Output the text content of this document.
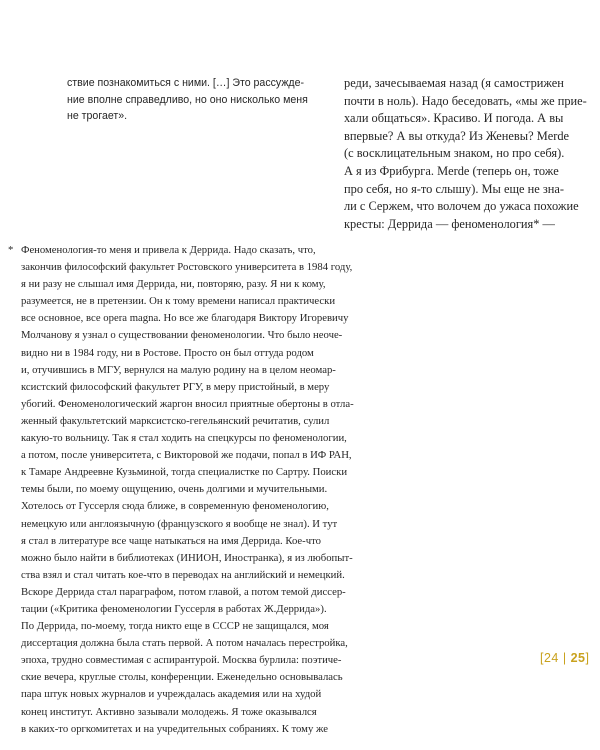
ствие познакомиться с ними. […] Это рассужде-
ние вполне справедливо, но оно нисколько меня
не трогает».
реди, зачесываемая назад (я самострижен
почти в ноль). Надо беседовать, «мы же прие-
хали общаться». Красиво. И погода. А вы
впервые? А вы откуда? Из Женевы? Merde
(с восклицательным знаком, но про себя).
А я из Фрибурга. Merde (теперь он, тоже
про себя, но я-то слышу). Мы еще не зна-
ли с Сержем, что волочем до ужаса похожие
кресты: Деррида — феноменология* —
* Феноменология-то меня и привела к Деррида. Надо сказать, что,
закончив философский факультет Ростовского университета в 1984 году,
я ни разу не слышал имя Деррида, ни, повторяю, разу. Я ни к кому,
разумеется, не в претензии. Он к тому времени написал практически
все основное, все opera magna. Но все же благодаря Виктору Игоревичу
Молчанову я узнал о существовании феноменологии. Что было неоче-
видно ни в 1984 году, ни в Ростове. Просто он был оттуда родом
и, отучившись в МГУ, вернулся на малую родину на в целом неомар-
ксистский философский факультет РГУ, в меру пристойный, в меру
убогий. Феноменологический жаргон вносил приятные обертоны в отла-
женный факультетский марксистско-гегельянский речитатив, сулил
какую-то вольницу. Так я стал ходить на спецкурсы по феноменологии,
а потом, после университета, с Викторовой же подачи, попал в ИФ РАН,
к Тамаре Андреевне Кузьминой, тогда специалистке по Сартру. Поиски
темы были, по моему ощущению, очень долгими и мучительными.
Хотелось от Гуссерля сюда ближе, в современную феноменологию,
немецкую или англоязычную (французского я вообще не знал). И тут
я стал в литературе все чаще натыкаться на имя Деррида. Кое-что
можно было найти в библиотеках (ИНИОН, Иностранка), я из любопыт-
ства взял и стал читать кое-что в переводах на английский и немецкий.
Вскоре Деррида стал параграфом, потом главой, а потом темой диссер-
тации («Критика феноменологии Гуссерля в работах Ж.Деррида»).
По Деррида, по-моему, тогда никто еще в СССР не защищался, моя
диссертация должна была стать первой. А потом началась перестройка,
эпоха, трудно совместимая с аспирантурой. Москва бурлила: поэтиче-
ские вечера, круглые столы, конференции. Еженедельно основывалась
пара штук новых журналов и учреждалась академия или на худой
конец институт. Активно зазывали молодежь. Я тоже оказывался
в каких-то оргкомитетах и на учредительных собраниях. К тому же
[24 | 25]
